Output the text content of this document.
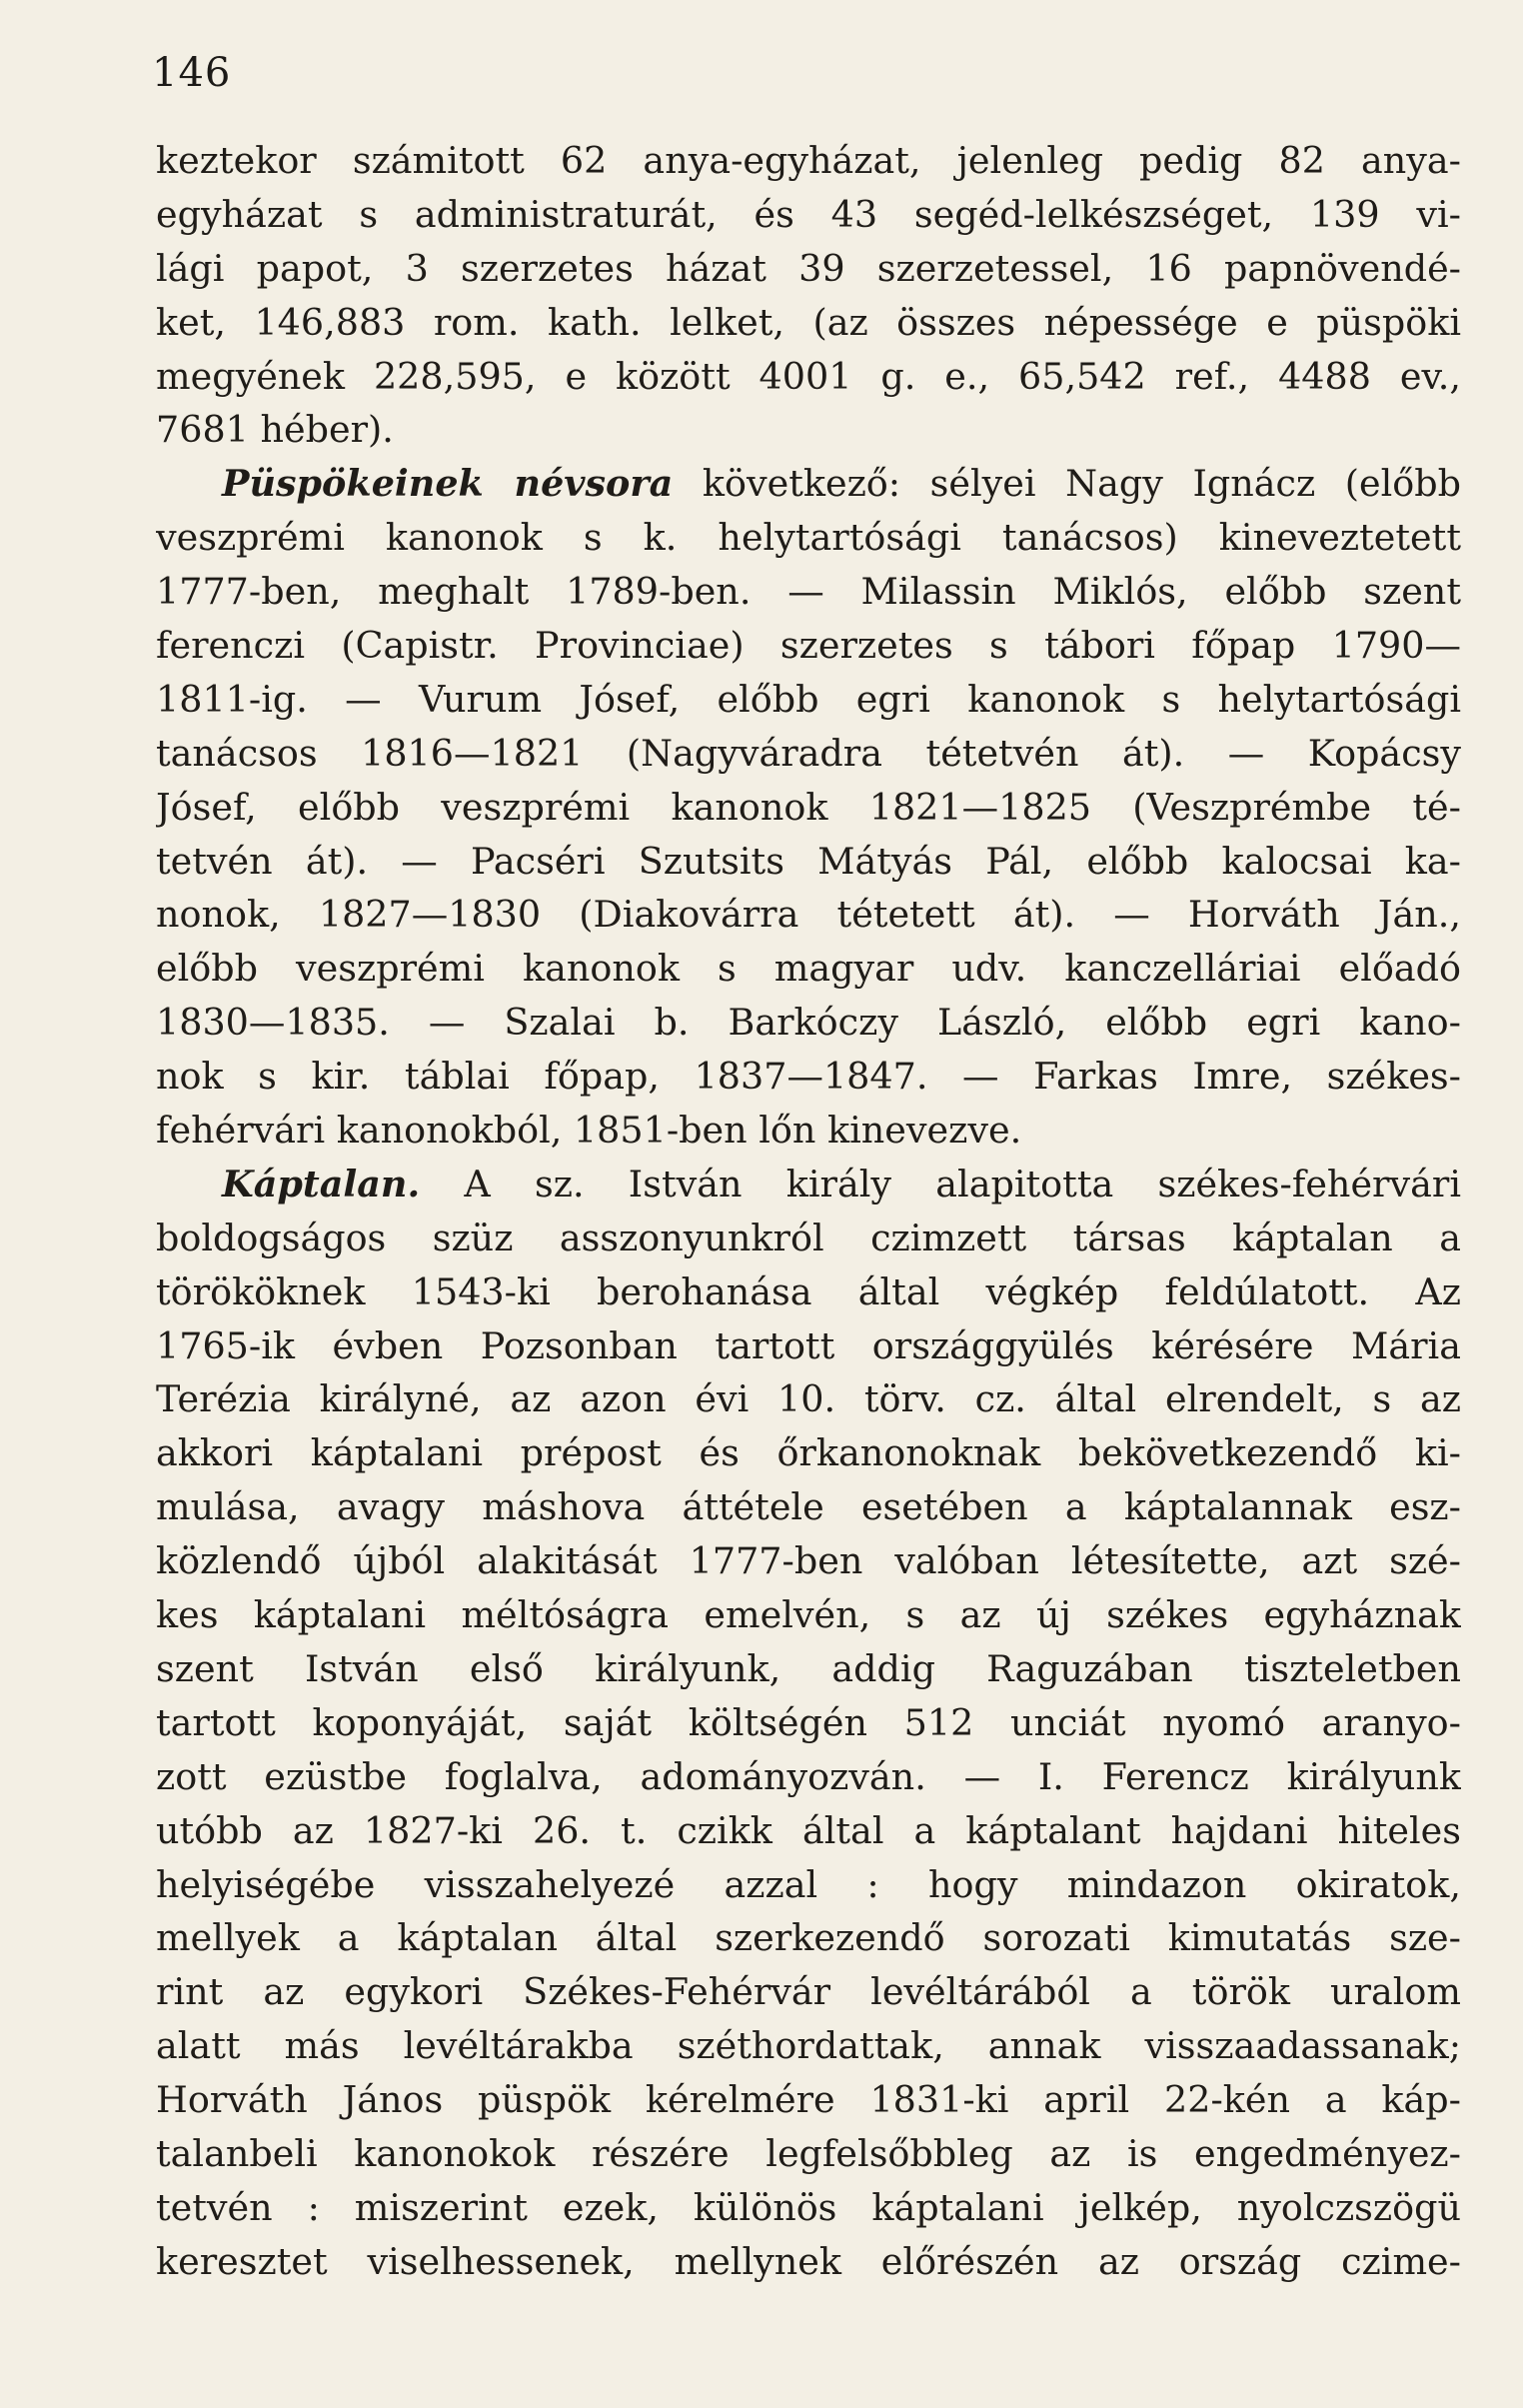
146
keztekor számitott 62 anya-egyházat, jelenleg pedig 82 anya-
egyházat s administraturát, és 43 segéd-lelkészséget, 139 vi-
lági papot, 3 szerzetes házat 39 szerzetessel, 16 papnövendé-
ket, 146,883 rom. kath. lelket, (az összes népessége e püspöki
megyének 228,595, e között 4001 g. e., 65,542 ref., 4488 ev.,
7681 héber).
Püspökeinek névsora következő: sélyei Nagy Ignácz (előbb
veszprémi kanonok s k. helytartósági tanácsos) kineveztetett
1777-ben, meghalt 1789-ben. — Milassin Miklós, előbb szent
ferenczi (Capistr. Provinciae) szerzetes s tábori főpap 1790—
1811-ig. — Vurum Jósef, előbb egri kanonok s helytartósági
tanácsos 1816—1821 (Nagyváradra tétetvén át). — Kopácsy
Jósef, előbb veszprémi kanonok 1821—1825 (Veszprémbe té-
tetvén át). — Pacséri Szutsits Mátyás Pál, előbb kalocsai ka-
nonok, 1827—1830 (Diakovárra tétetett át). — Horváth Ján.,
előbb veszprémi kanonok s magyar udv. kanczelláriai előadó
1830—1835. — Szalai b. Barkóczy László, előbb egri kano-
nok s kir. táblai főpap, 1837—1847. — Farkas Imre, székes-
fehérvári kanonokból, 1851-ben lőn kinevezve.
Káptalan. A sz. István király alapitotta székes-fehérvári
boldogságos szüz asszonyunkról czimzett társas káptalan a
törököknek 1543-ki berohanása által végkép feldúlatott. Az
1765-ik évben Pozsonban tartott országgyülés kérésére Mária
Terézia királyné, az azon évi 10. törv. cz. által elrendelt, s az
akkori káptalani prépost és őrkanonoknak bekövetkezendő ki-
mulása, avagy máshova áttétele esetében a káptalannak esz-
közlendő újból alakitását 1777-ben valóban létesítette, azt szé-
kes káptalani méltóságra emelvén, s az új székes egyháznak
szent István első királyunk, addig Raguzában tiszteletben
tartott koponyáját, saját költségén 512 unciát nyomó aranyo-
zott ezüstbe foglalva, adományozván. — I. Ferencz királyunk
utóbb az 1827-ki 26. t. czikk által a káptalant hajdani hiteles
helyiségébe visszahelyezé azzal : hogy mindazon okiratok,
mellyek a káptalan által szerkezendő sorozati kimutatás sze-
rint az egykori Székes-Fehérvár levéltárából a török uralom
alatt más levéltárakba széthordattak, annak visszaadassanak;
Horváth János püspök kérelmére 1831-ki april 22-kén a káp-
talanbeli kanonokok részére legfelsőbbleg az is engedményez-
tetvén : miszerint ezek, különös káptalani jelkép, nyolczszögü
keresztet viselhessenek, mellynek előrészén az ország czime-
